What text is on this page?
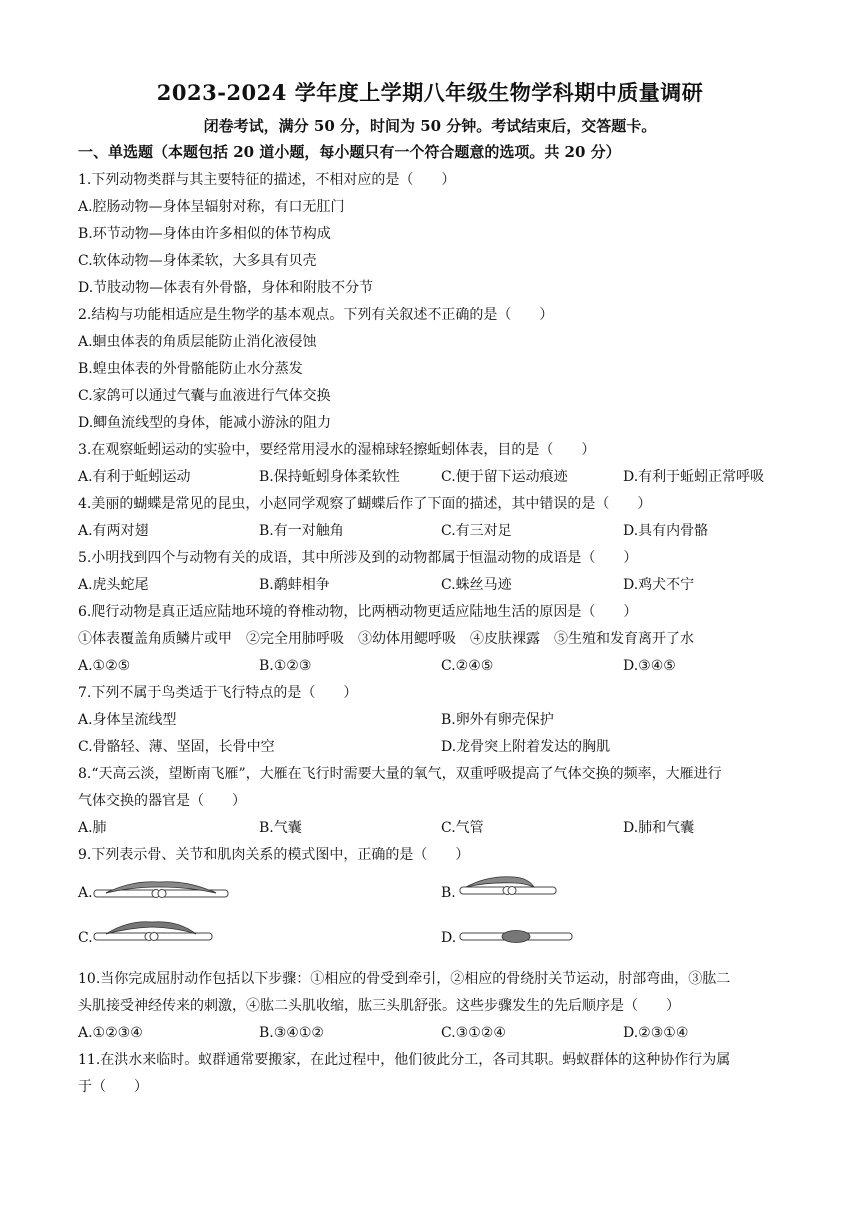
2023-2024 学年度上学期八年级生物学科期中质量调研
闭卷考试，满分 50 分，时间为 50 分钟。考试结束后，交答题卡。
一、单选题（本题包括 20 道小题，每小题只有一个符合题意的选项。共 20 分）
1.下列动物类群与其主要特征的描述，不相对应的是（　　）
A.腔肠动物—身体呈辐射对称，有口无肛门
B.环节动物—身体由许多相似的体节构成
C.软体动物—身体柔软，大多具有贝壳
D.节肢动物—体表有外骨骼，身体和附肢不分节
2.结构与功能相适应是生物学的基本观点。下列有关叙述不正确的是（　　）
A.蛔虫体表的角质层能防止消化液侵蚀
B.蝗虫体表的外骨骼能防止水分蒸发
C.家鸽可以通过气囊与血液进行气体交换
D.鲫鱼流线型的身体，能减小游泳的阻力
3.在观察蚯蚓运动的实验中，要经常用浸水的湿棉球轻擦蚯蚓体表，目的是（　　）
A.有利于蚯蚓运动	B.保持蚯蚓身体柔软性	C.便于留下运动痕迹	D.有利于蚯蚓正常呼吸
4.美丽的蝴蝶是常见的昆虫，小赵同学观察了蝴蝶后作了下面的描述，其中错误的是（　　）
A.有两对翅	B.有一对触角	C.有三对足	D.具有内骨骼
5.小明找到四个与动物有关的成语，其中所涉及到的动物都属于恒温动物的成语是（　　）
A.虎头蛇尾	B.鹬蚌相争	C.蛛丝马迹	D.鸡犬不宁
6.爬行动物是真正适应陆地环境的脊椎动物，比两栖动物更适应陆地生活的原因是（　　）
①体表覆盖角质鳞片或甲　②完全用肺呼吸　③幼体用鳃呼吸　④皮肤裸露　⑤生殖和发育离开了水
A.①②⑤	B.①②③	C.②④⑤	D.③④⑤
7.下列不属于鸟类适于飞行特点的是（　　）
A.身体呈流线型	B.卵外有卵壳保护
C.骨骼轻、薄、坚固，长骨中空	D.龙骨突上附着发达的胸肌
8.“天高云淡，望断南飞雁”，大雁在飞行时需要大量的氧气，双重呼吸提高了气体交换的频率，大雁进行
气体交换的器官是（　　）
A.肺	B.气囊	C.气管	D.肺和气囊
9.下列表示骨、关节和肌肉关系的模式图中，正确的是（　　）
A.	B.
C.	D.
10.当你完成屈肘动作包括以下步骤：①相应的骨受到牵引，②相应的骨绕肘关节运动，肘部弯曲，③肱二
头肌接受神经传来的刺激，④肱二头肌收缩，肱三头肌舒张。这些步骤发生的先后顺序是（　　）
A.①②③④	B.③④①②	C.③①②④	D.②③①④
11.在洪水来临时。蚁群通常要搬家，在此过程中，他们彼此分工，各司其职。蚂蚁群体的这种协作行为属
于（　　）
